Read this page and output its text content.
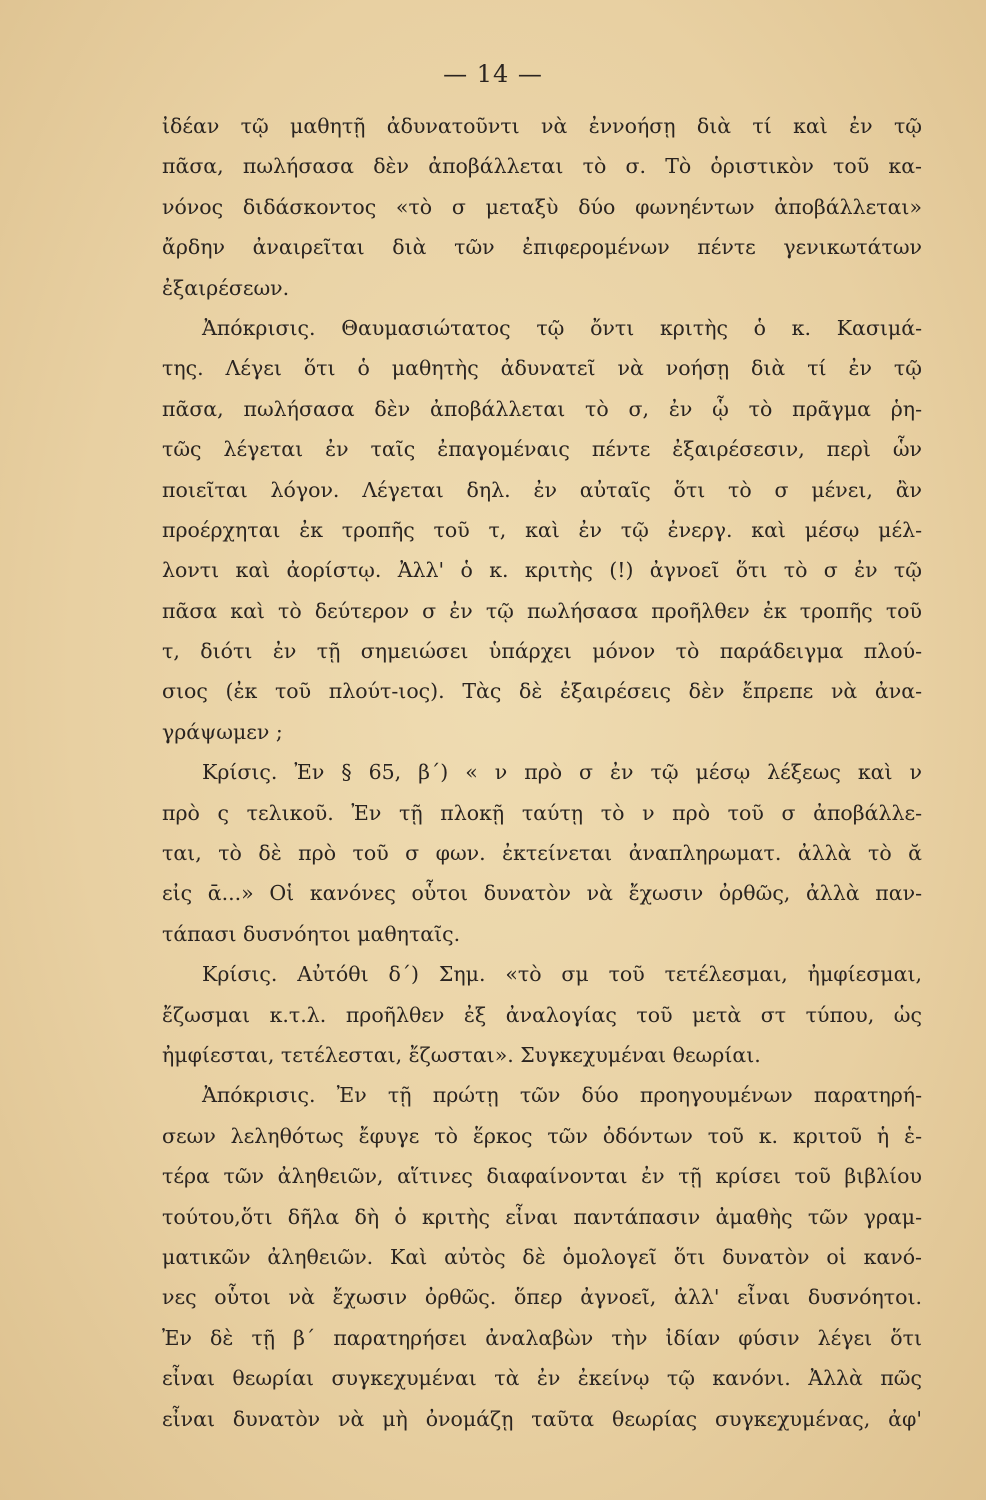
— 14 —
ἰδέαν τῷ μαθητῇ ἀδυνατοῦντι νὰ ἐννοήσῃ διὰ τί καὶ ἐν τῷ
πᾶσα, πωλήσασα δὲν ἀποβάλλεται τὸ σ. Τὸ ὁριστικὸν τοῦ κα-
νόνος διδάσκοντος «τὸ σ μεταξὺ δύο φωνηέντων ἀποβάλλεται»
ἄρδην ἀναιρεῖται διὰ τῶν ἐπιφερομένων πέντε γενικωτάτων
ἐξαιρέσεων.
Ἀπόκρισις. Θαυμασιώτατος τῷ ὄντι κριτὴς ὁ κ. Κασιμά-
της. Λέγει ὅτι ὁ μαθητὴς ἀδυνατεῖ νὰ νοήσῃ διὰ τί ἐν τῷ
πᾶσα, πωλήσασα δὲν ἀποβάλλεται τὸ σ, ἐν ᾧ τὸ πρᾶγμα ῥη-
τῶς λέγεται ἐν ταῖς ἐπαγομέναις πέντε ἐξαιρέσεσιν, περὶ ὧν
ποιεῖται λόγον. Λέγεται δηλ. ἐν αὐταῖς ὅτι τὸ σ μένει, ἂν
προέρχηται ἐκ τροπῆς τοῦ τ, καὶ ἐν τῷ ἐνεργ. καὶ μέσῳ μέλ-
λοντι καὶ ἀορίστῳ. Ἀλλ' ὁ κ. κριτὴς (!) ἀγνοεῖ ὅτι τὸ σ ἐν τῷ
πᾶσα καὶ τὸ δεύτερον σ ἐν τῷ πωλήσασα προῆλθεν ἐκ τροπῆς τοῦ
τ, διότι ἐν τῇ σημειώσει ὑπάρχει μόνον τὸ παράδειγμα πλού-
σιος (ἐκ τοῦ πλούτ-ιος). Τὰς δὲ ἐξαιρέσεις δὲν ἔπρεπε νὰ ἀνα-
γράψωμεν ;
Κρίσις. Ἐν § 65, β´) « ν πρὸ σ ἐν τῷ μέσῳ λέξεως καὶ ν
πρὸ ς τελικοῦ. Ἐν τῇ πλοκῇ ταύτῃ τὸ ν πρὸ τοῦ σ ἀποβάλλε-
ται, τὸ δὲ πρὸ τοῦ σ φων. ἐκτείνεται ἀναπληρωματ. ἀλλὰ τὸ ᾰ
εἰς ᾱ...» Οἱ κανόνες οὗτοι δυνατὸν νὰ ἔχωσιν ὀρθῶς, ἀλλὰ παν-
τάπασι δυσνόητοι μαθηταῖς.
Κρίσις. Αὐτόθι δ´) Σημ. «τὸ σμ τοῦ τετέλεσμαι, ἠμφίεσμαι,
ἔζωσμαι κ.τ.λ. προῆλθεν ἐξ ἀναλογίας τοῦ μετὰ στ τύπου, ὡς
ἠμφίεσται, τετέλεσται, ἔζωσται». Συγκεχυμέναι θεωρίαι.
Ἀπόκρισις. Ἐν τῇ πρώτῃ τῶν δύο προηγουμένων παρατηρή-
σεων λεληθότως ἔφυγε τὸ ἕρκος τῶν ὀδόντων τοῦ κ. κριτοῦ ἡ ἑ-
τέρα τῶν ἀληθειῶν, αἵτινες διαφαίνονται ἐν τῇ κρίσει τοῦ βιβλίου
τούτου,ὅτι δῆλα δὴ ὁ κριτὴς εἶναι παντάπασιν ἀμαθὴς τῶν γραμ-
ματικῶν ἀληθειῶν. Καὶ αὐτὸς δὲ ὁμολογεῖ ὅτι δυνατὸν οἱ κανό-
νες οὗτοι νὰ ἔχωσιν ὀρθῶς. ὅπερ ἀγνοεῖ, ἀλλ' εἶναι δυσνόητοι.
Ἐν δὲ τῇ β´ παρατηρήσει ἀναλαβὼν τὴν ἰδίαν φύσιν λέγει ὅτι
εἶναι θεωρίαι συγκεχυμέναι τὰ ἐν ἐκείνῳ τῷ κανόνι. Ἀλλὰ πῶς
εἶναι δυνατὸν νὰ μὴ ὀνομάζῃ ταῦτα θεωρίας συγκεχυμένας, ἀφ'
